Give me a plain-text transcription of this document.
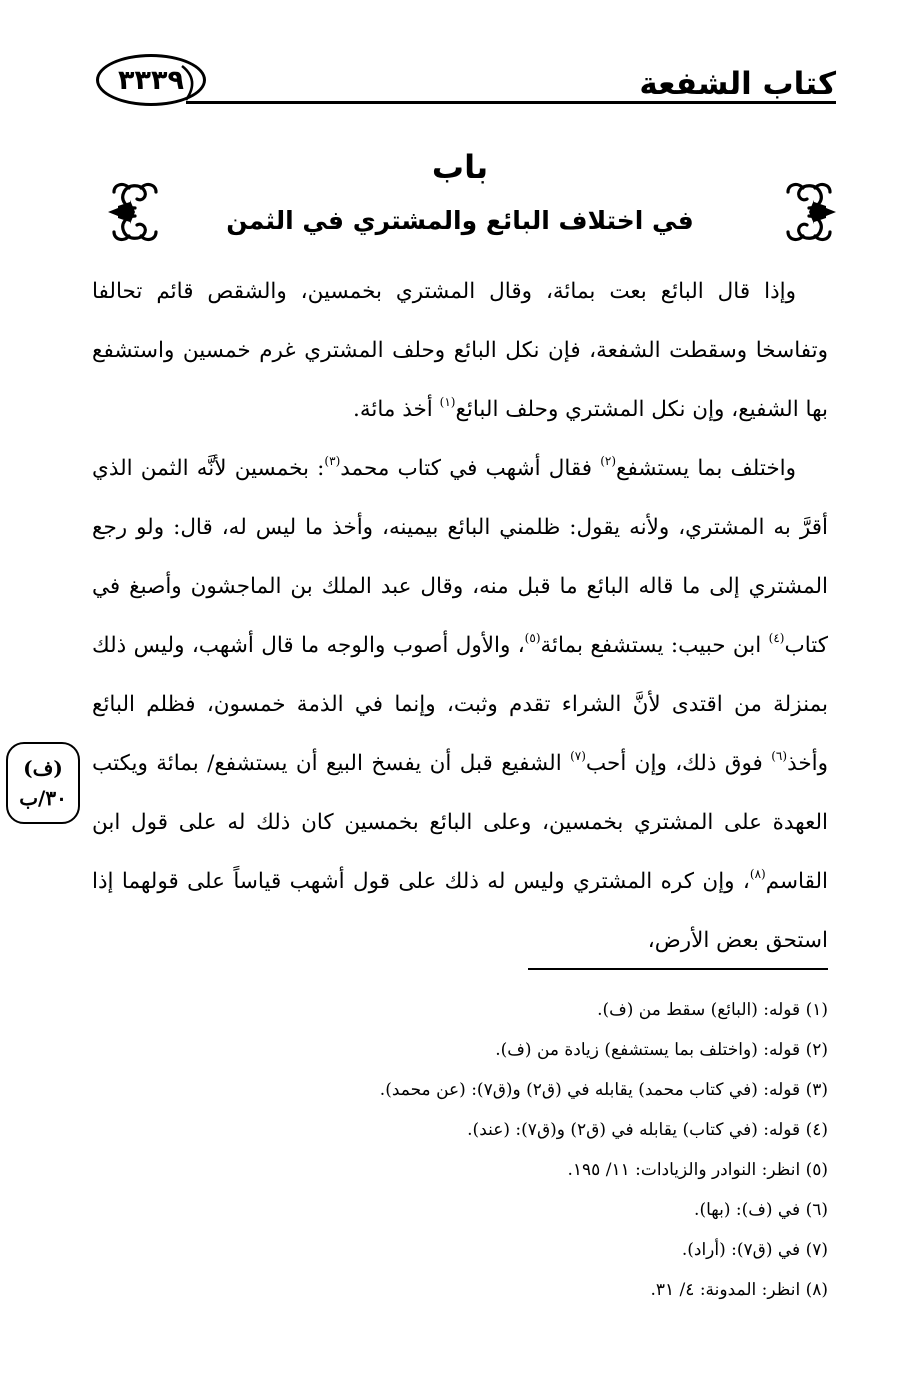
كتاب الشفعة
٣٣٣٩
باب
في اختلاف البائع والمشتري في الثمن

وإذا قال البائع بعت بمائة، وقال المشتري بخمسين، والشقص قائم تحالفا وتفاسخا وسقطت الشفعة، فإن نكل البائع وحلف المشتري غرم خمسين واستشفع بها الشفيع، وإن نكل المشتري وحلف البائع$^{(١)}$ أخذ مائة.

واختلف بما يستشفع$^{(٢)}$ فقال أشهب في كتاب محمد$^{(٣)}$: بخمسين لأنَّه الثمن الذي أقرَّ به المشتري، ولأنه يقول: ظلمني البائع بيمينه، وأخذ ما ليس له، قال: ولو رجع المشتري إلى ما قاله البائع ما قبل منه، وقال عبد الملك بن الماجشون وأصبغ في كتاب$^{(٤)}$ ابن حبيب: يستشفع بمائة$^{(٥)}$، والأول أصوب والوجه ما قال أشهب، وليس ذلك بمنزلة من اقتدى لأنَّ الشراء تقدم وثبت، وإنما في الذمة خمسون، فظلم البائع وأخذ$^{(٦)}$ فوق ذلك، وإن أحب$^{(٧)}$ الشفيع قبل أن يفسخ البيع أن يستشفع/ بمائة ويكتب العهدة على المشتري بخمسين، وعلى البائع بخمسين كان ذلك له على قول ابن القاسم$^{(٨)}$، وإن كره المشتري وليس له ذلك على قول أشهب قياساً على قولهما إذا استحق بعض الأرض،

(ف)
٣٠/ب
(١) قوله: (البائع) سقط من (ف).
(٢) قوله: (واختلف بما يستشفع) زيادة من (ف).
(٣) قوله: (في كتاب محمد) يقابله في (ق٢) و(ق٧): (عن محمد).
(٤) قوله: (في كتاب) يقابله في (ق٢) و(ق٧): (عند).
(٥) انظر: النوادر والزيادات: ١١/ ١٩٥.
(٦) في (ف): (بها).
(٧) في (ق٧): (أراد).
(٨) انظر: المدونة: ٤/ ٣١.
